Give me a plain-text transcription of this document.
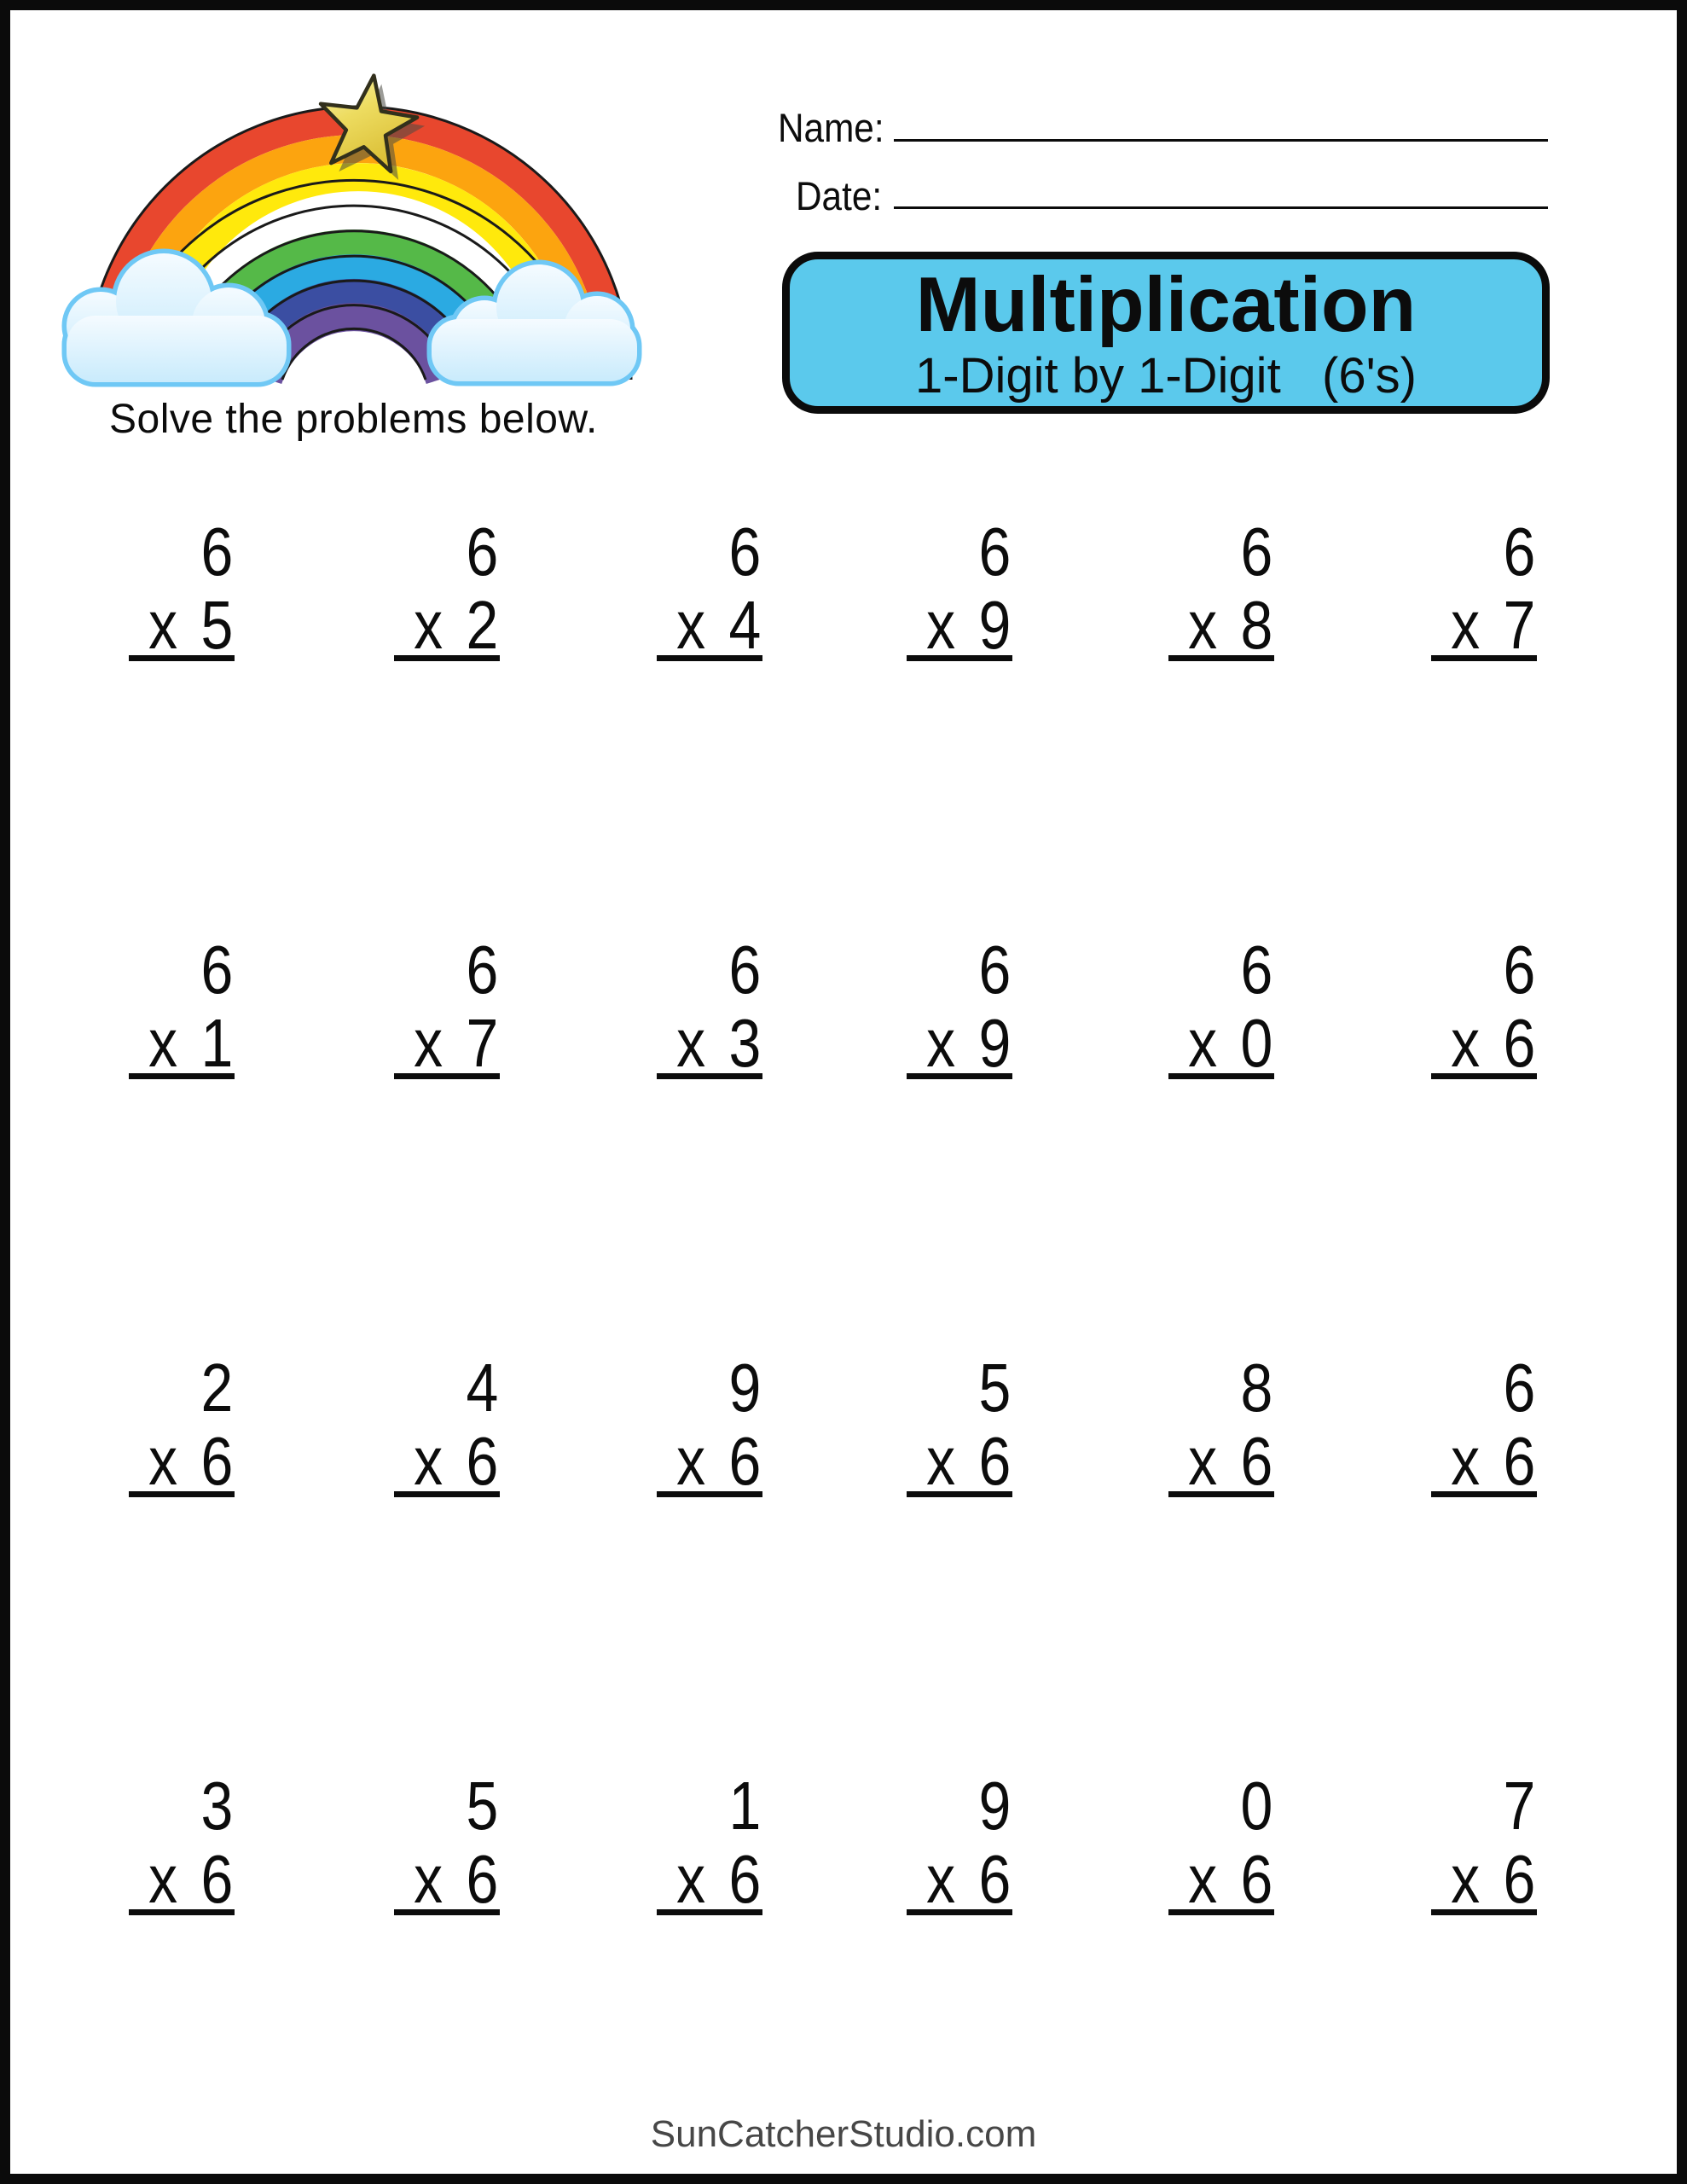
Solve the problems below.
Name:
Date:
Multiplication
1-Digit by 1-Digit   (6's)
6
x 5
6
x 2
6
x 4
6
x 9
6
x 8
6
x 7
6
x 1
6
x 7
6
x 3
6
x 9
6
x 0
6
x 6
2
x 6
4
x 6
9
x 6
5
x 6
8
x 6
6
x 6
3
x 6
5
x 6
1
x 6
9
x 6
0
x 6
7
x 6
SunCatcherStudio.com
